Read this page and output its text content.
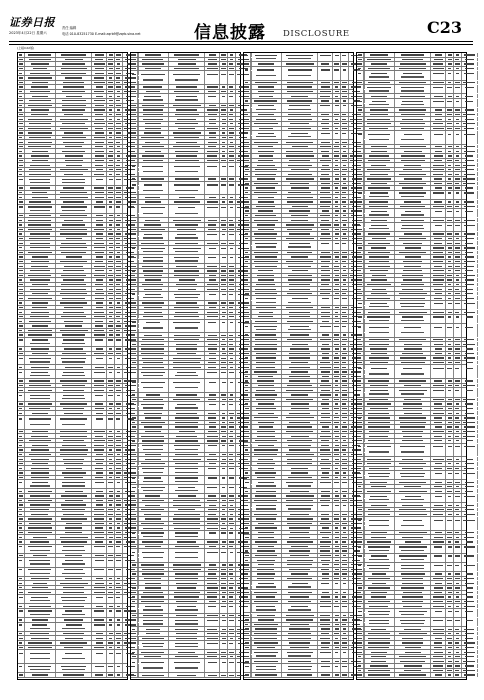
证券日报
2023年4月22日 星期六
责任 编辑
电话 010-83251730 E-mail:zqrb9@zqrb.sina.net	信息披露 DISCLOSURE	C23
(上接C22版)
